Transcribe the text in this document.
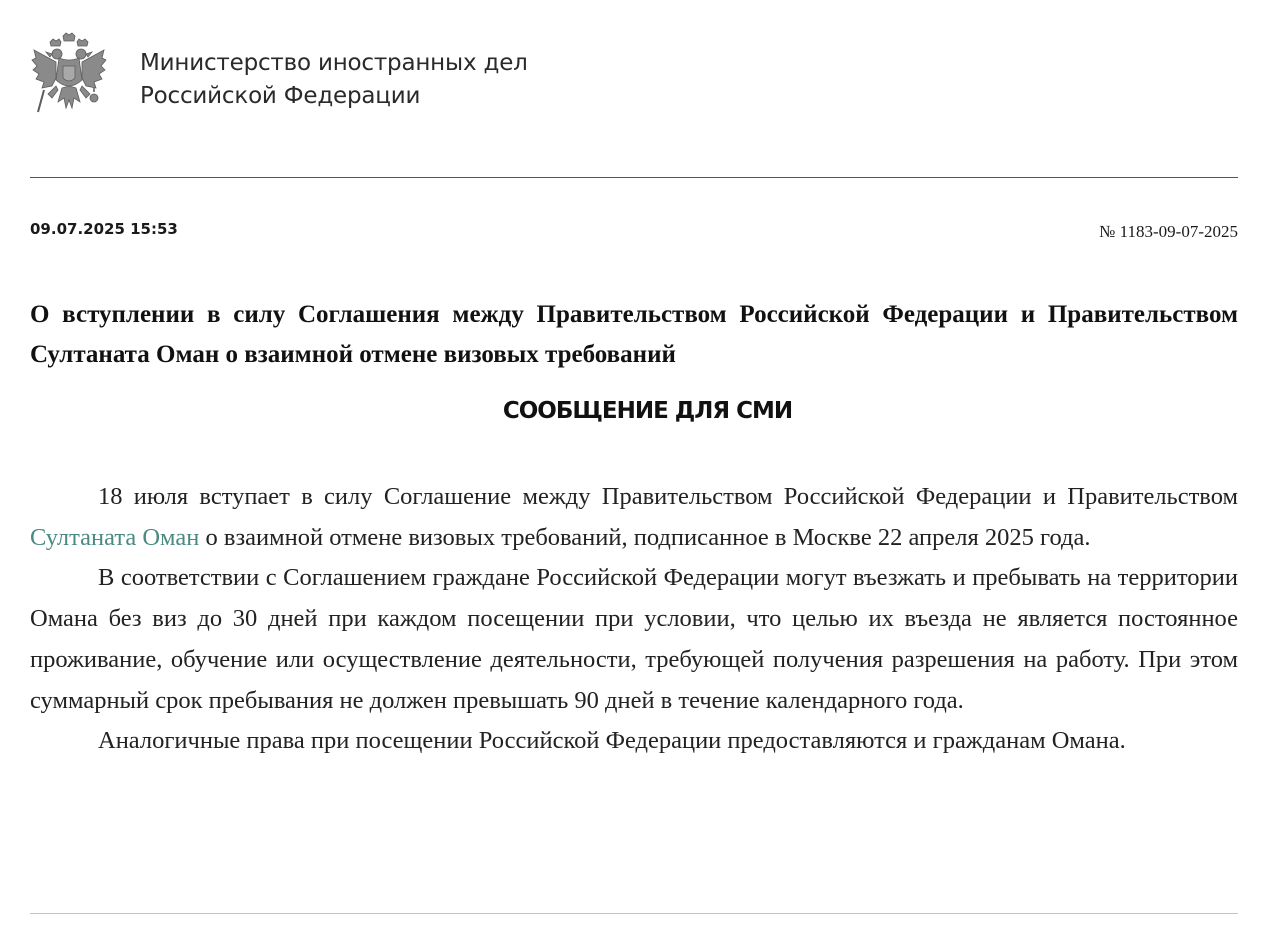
Министерство иностранных дел
Российской Федерации
09.07.2025 15:53	№ 1183-09-07-2025
О вступлении в силу Соглашения между Правительством Российской Федерации и Правительством Султаната Оман о взаимной отмене визовых требований
СООБЩЕНИЕ ДЛЯ СМИ

18 июля вступает в силу Соглашение между Правительством Российской Федерации и Правительством Султаната Оман о взаимной отмене визовых требований, подписанное в Москве 22 апреля 2025 года.

В соответствии с Соглашением граждане Российской Федерации могут въезжать и пребывать на территории Омана без виз до 30 дней при каждом посещении при условии, что целью их въезда не является постоянное проживание, обучение или осуществление деятельности, требующей получения разрешения на работу. При этом суммарный срок пребывания не должен превышать 90 дней в течение календарного года.

Аналогичные права при посещении Российской Федерации предоставляются и гражданам Омана.
